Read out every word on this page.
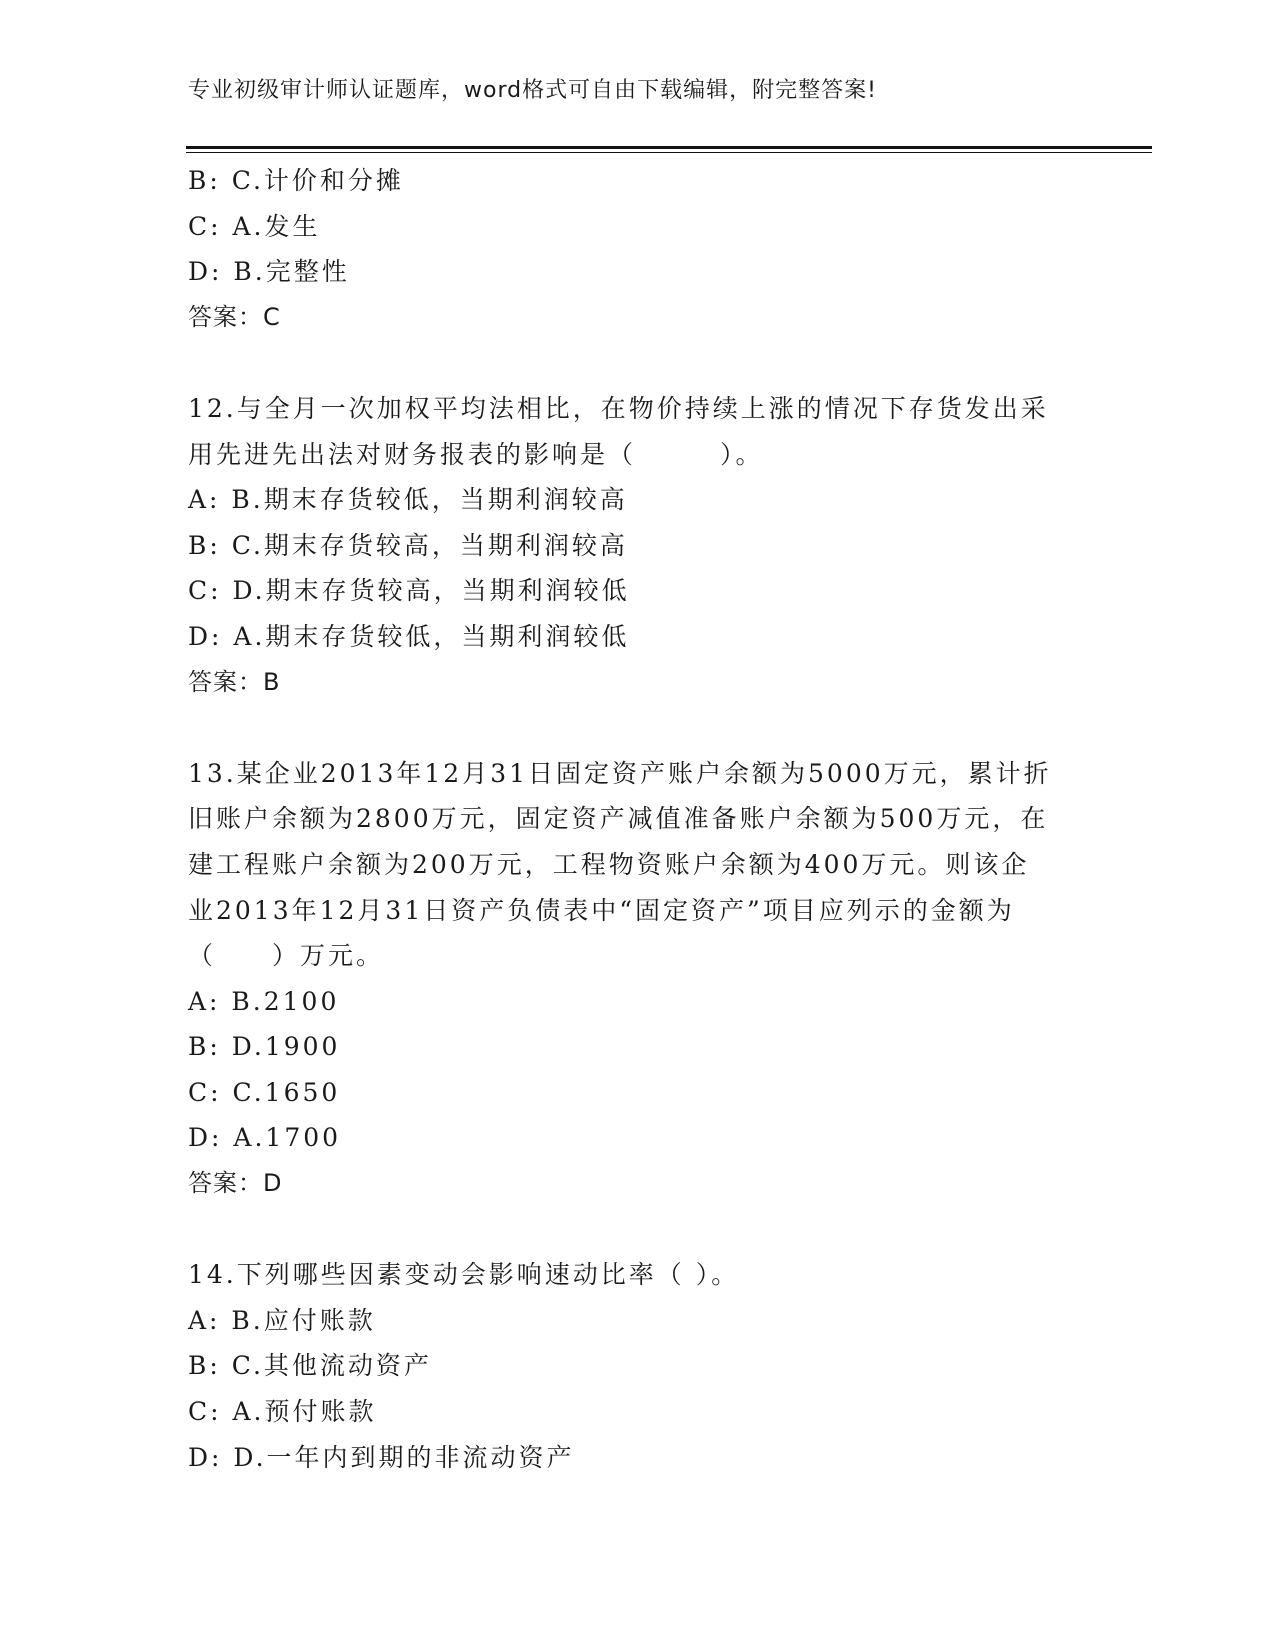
专业初级审计师认证题库，word格式可自由下载编辑，附完整答案!
B: C.计价和分摊
C: A.发生
D: B.完整性
答案：C
12.与全月一次加权平均法相比，在物价持续上涨的情况下存货发出采
用先进先出法对财务报表的影响是（　　　）。
A: B.期末存货较低，当期利润较高
B: C.期末存货较高，当期利润较高
C: D.期末存货较高，当期利润较低
D: A.期末存货较低，当期利润较低
答案：B
13.某企业2013年12月31日固定资产账户余额为5000万元，累计折
旧账户余额为2800万元，固定资产减值准备账户余额为500万元，在
建工程账户余额为200万元，工程物资账户余额为400万元。则该企
业2013年12月31日资产负债表中“固定资产”项目应列示的金额为
（　　）万元。
A: B.2100
B: D.1900
C: C.1650
D: A.1700
答案：D
14.下列哪些因素变动会影响速动比率（ ）。
A: B.应付账款
B: C.其他流动资产
C: A.预付账款
D: D.一年内到期的非流动资产
